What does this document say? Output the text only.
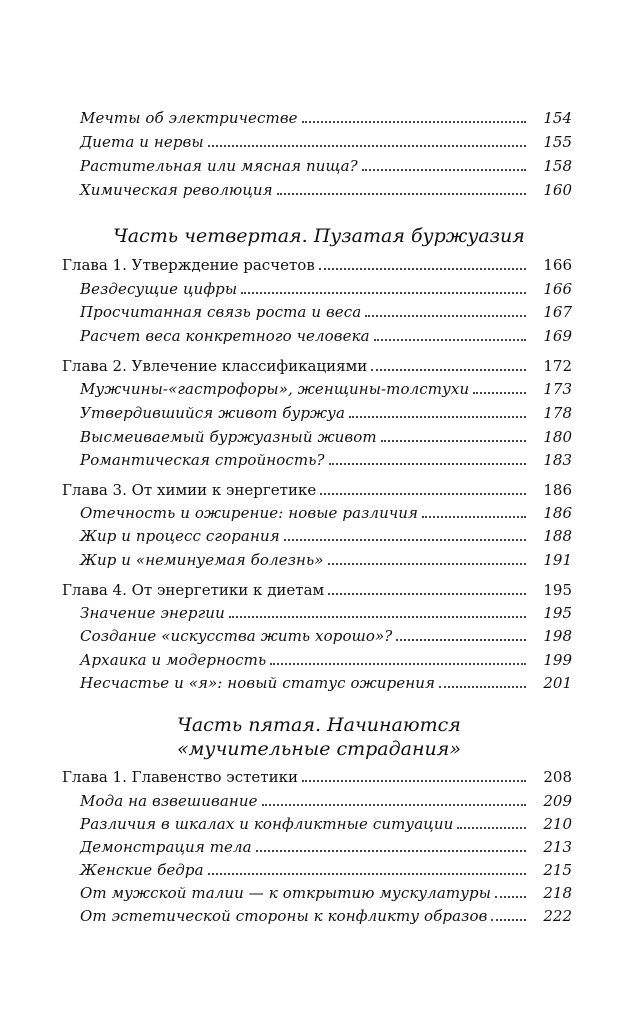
Мечты об электричестве	154
Диета и нервы	155
Растительная или мясная пища?	158
Химическая революция	160
Часть четвертая. Пузатая буржуазия
Глава 1. Утверждение расчетов	166
Вездесущие цифры	166
Просчитанная связь роста и веса	167
Расчет веса конкретного человека	169
Глава 2. Увлечение классификациями	172
Мужчины-«гастрофоры», женщины-толстухи	173
Утвердившийся живот буржуа	178
Высмеиваемый буржуазный живот	180
Романтическая стройность?	183
Глава 3. От химии к энергетике	186
Отечность и ожирение: новые различия	186
Жир и процесс сгорания	188
Жир и «неминуемая болезнь»	191
Глава 4. От энергетики к диетам	195
Значение энергии	195
Создание «искусства жить хорошо»?	198
Архаика и модерность	199
Несчастье и «я»: новый статус ожирения	201
Часть пятая. Начинаются
«мучительные страдания»
Глава 1. Главенство эстетики	208
Мода на взвешивание	209
Различия в шкалах и конфликтные ситуации	210
Демонстрация тела	213
Женские бедра	215
От мужской талии — к открытию мускулатуры	218
От эстетической стороны к конфликту образов	222
